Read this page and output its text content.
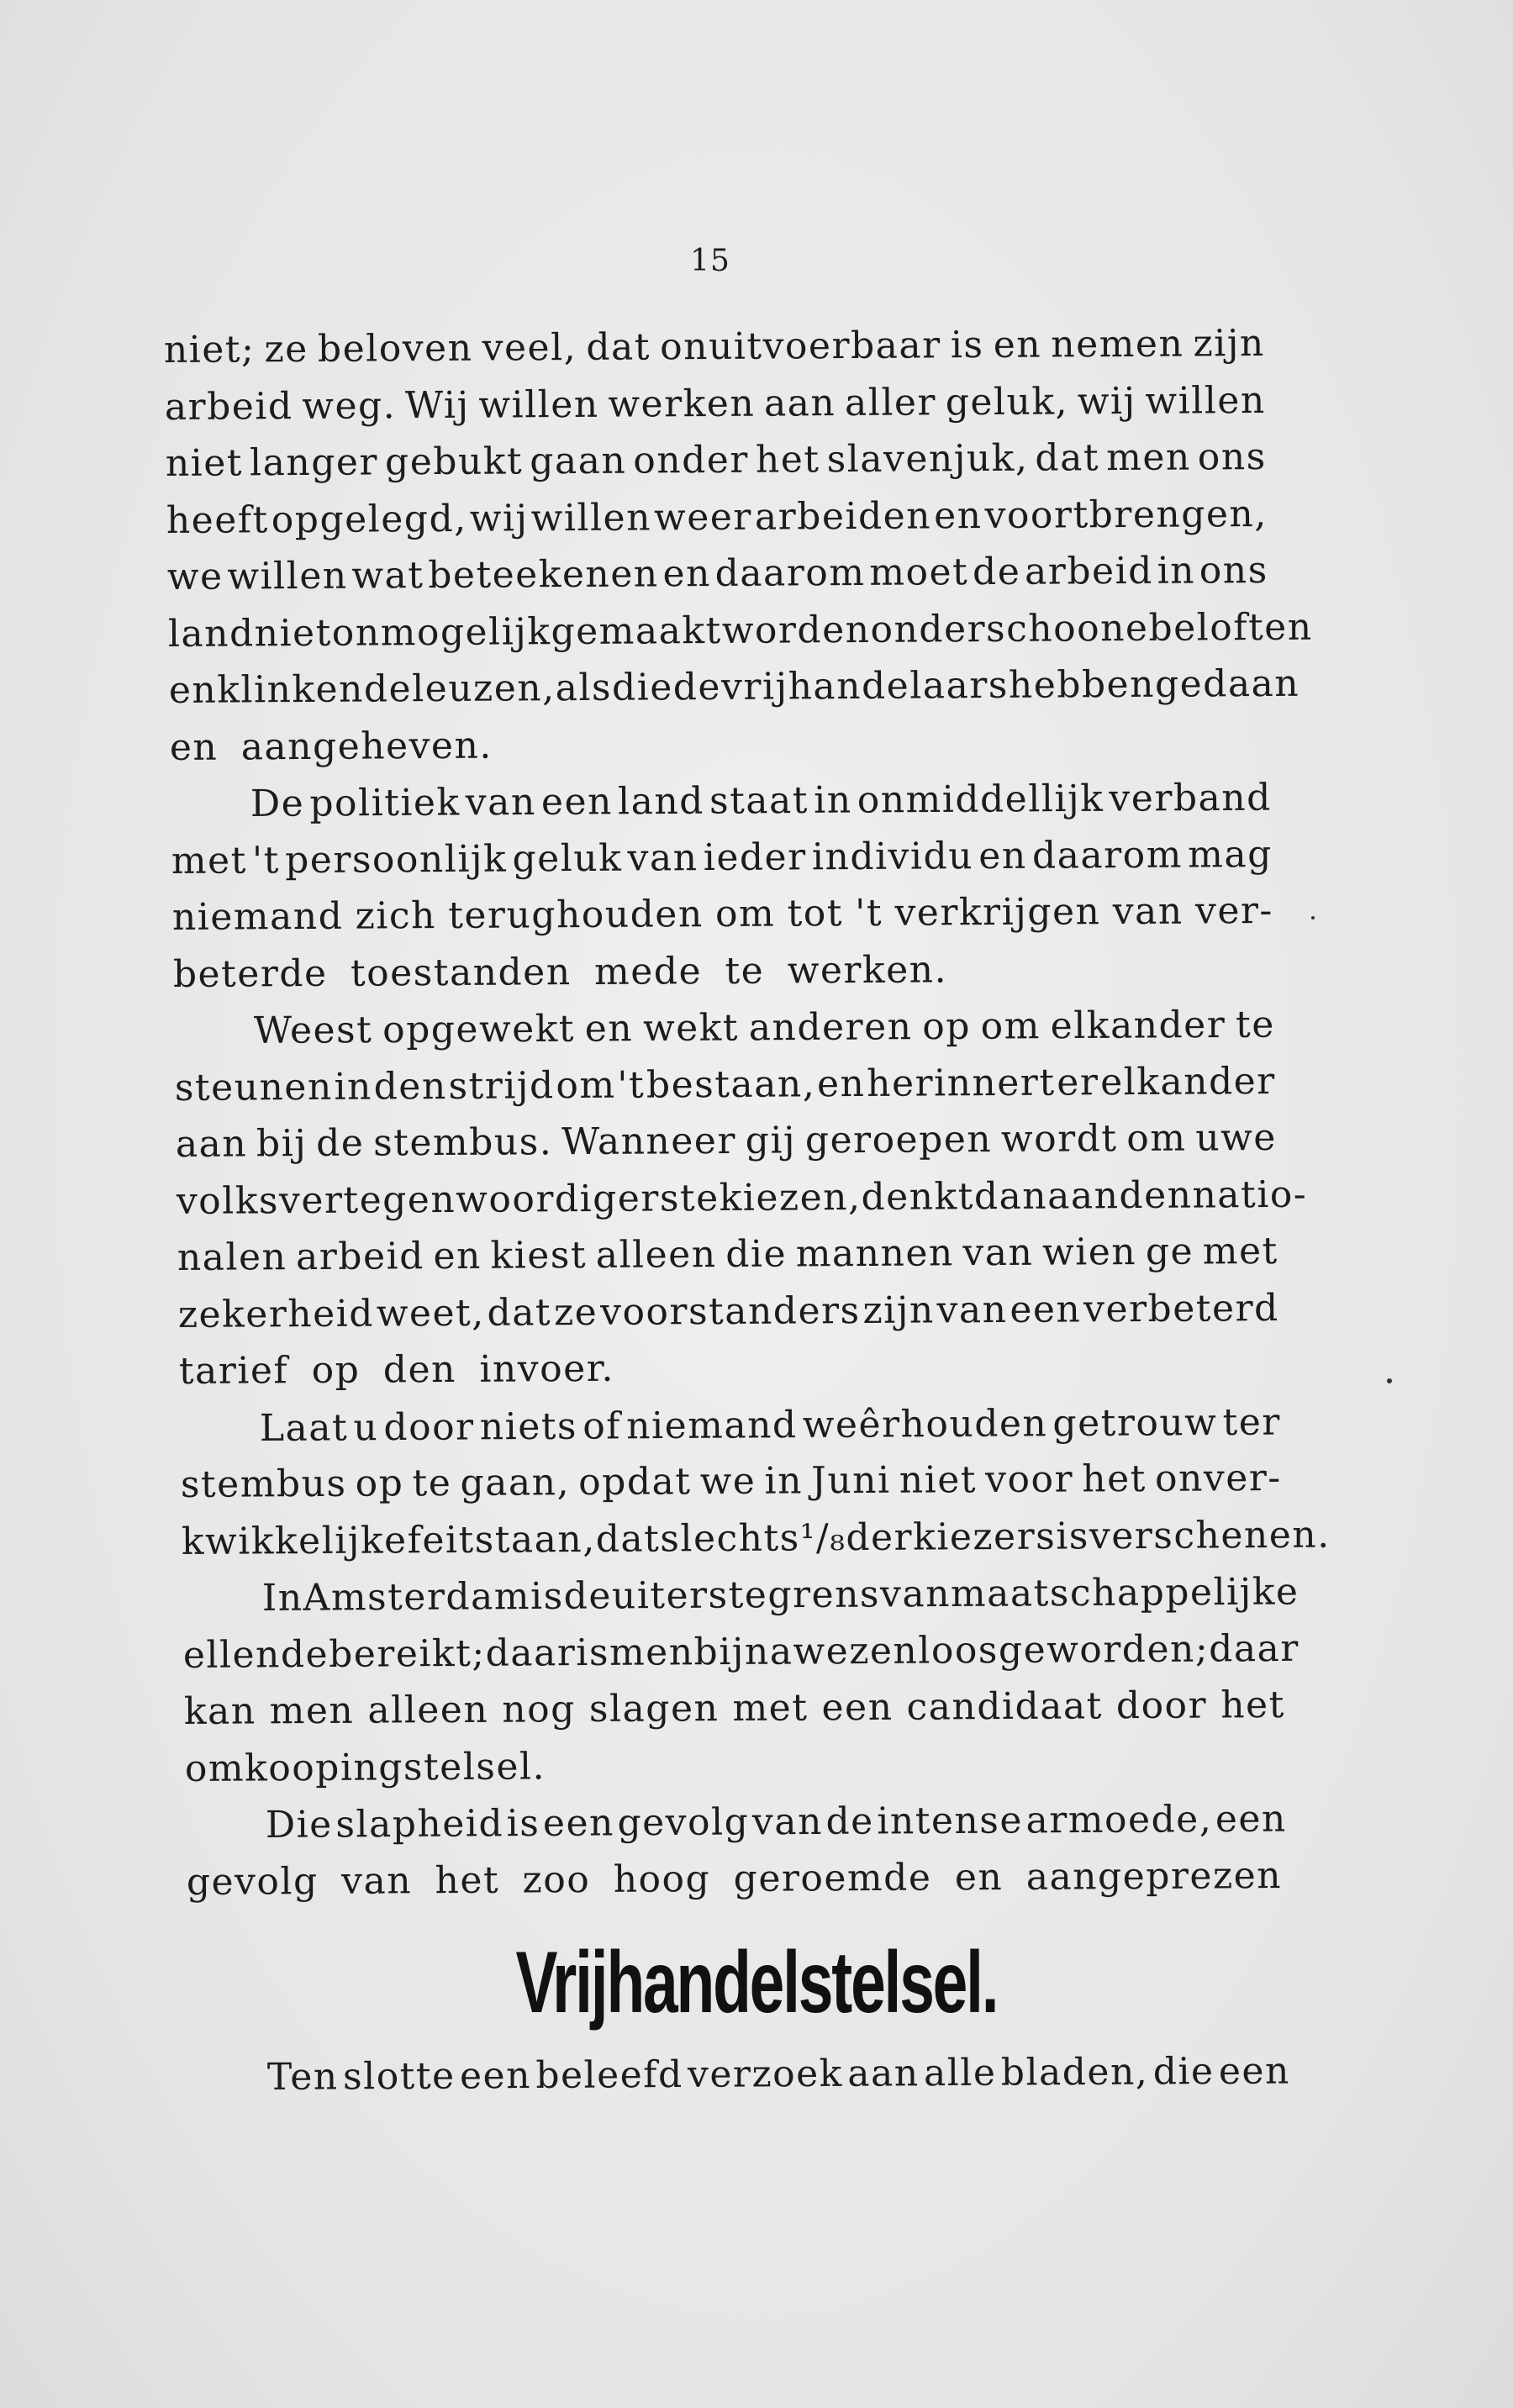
15
niet; ze beloven veel, dat onuitvoerbaar is en nemen zijn
arbeid weg. Wij willen werken aan aller geluk, wij willen
niet langer gebukt gaan onder het slavenjuk, dat men ons
heeft opgelegd, wij willen weer arbeiden en voortbrengen,
we willen wat beteekenen en daarom moet de arbeid in ons
land niet onmogelijk gemaakt worden onder schoone beloften
en klinkende leuzen, als die de vrijhandelaars hebben gedaan
en aangeheven.
De politiek van een land staat in onmiddellijk verband
met 't persoonlijk geluk van ieder individu en daarom mag
niemand zich terughouden om tot 't verkrijgen van ver-
beterde toestanden mede te werken.
Weest opgewekt en wekt anderen op om elkander te
steunen in den strijd om 't bestaan, en herinnert er elkander
aan bij de stembus. Wanneer gij geroepen wordt om uwe
volksvertegenwoordigers te kiezen, denkt dan aan den natio-
nalen arbeid en kiest alleen die mannen van wien ge met
zekerheid weet, dat ze voorstanders zijn van een verbeterd
tarief op den invoer.
Laat u door niets of niemand weêrhouden getrouw ter
stembus op te gaan, opdat we in Juni niet voor het onver-
kwikkelijke feit staan, dat slechts ¹/₈ der kiezers is verschenen.
In Amsterdam is de uiterste grens van maatschappelijke
ellende bereikt; daar is men bijna wezenloos geworden; daar
kan men alleen nog slagen met een candidaat door het
omkoopingstelsel.
Die slapheid is een gevolg van de intense armoede, een
gevolg van het zoo hoog geroemde en aangeprezen
Vrijhandelstelsel.
Ten slotte een beleefd verzoek aan alle bladen, die een
